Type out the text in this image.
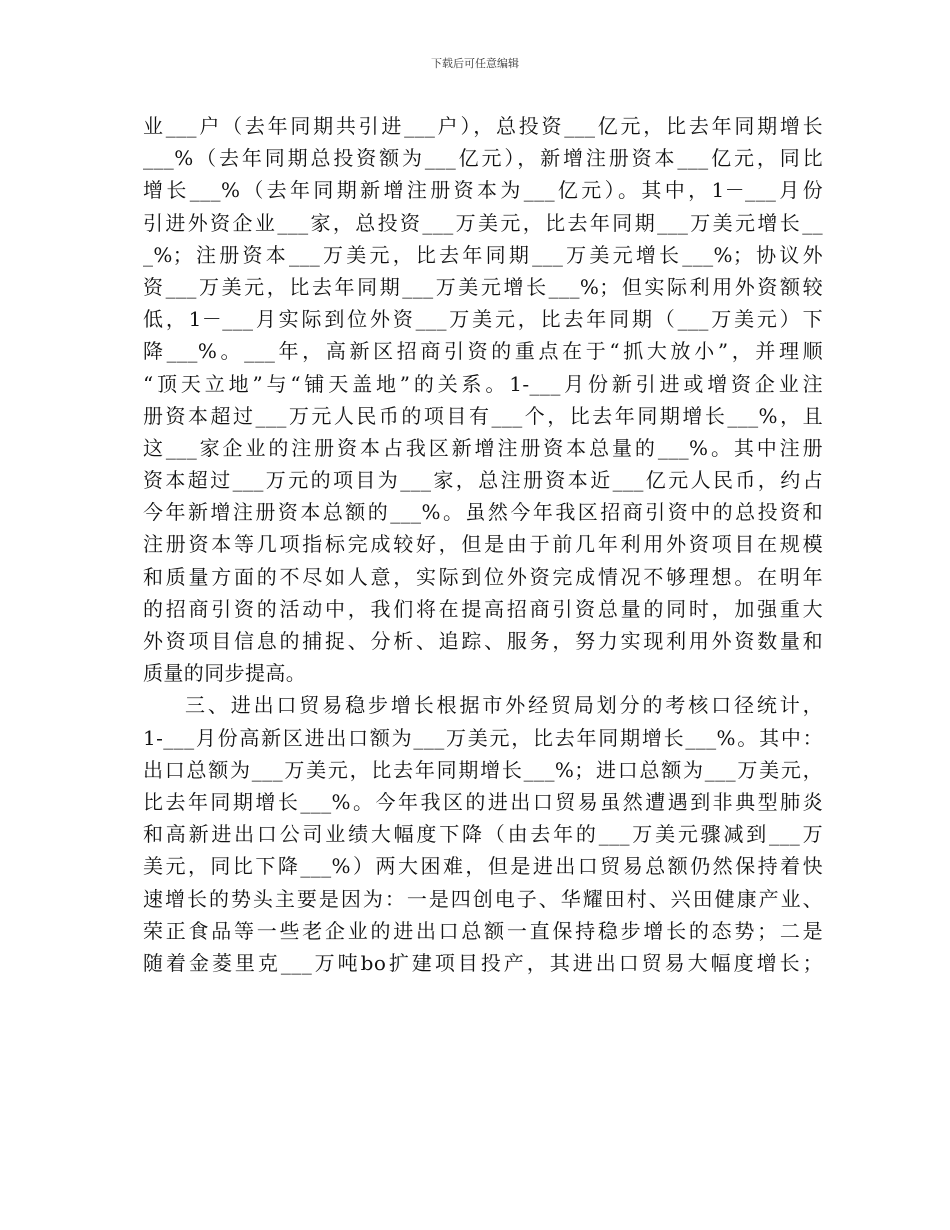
下载后可任意编辑
业___户（去年同期共引进___户），总投资___亿元，比去年同期增长
___%（去年同期总投资额为___亿元），新增注册资本___亿元，同比
增长___%（去年同期新增注册资本为___亿元）。其中，1－___月份
引进外资企业___家，总投资___万美元，比去年同期___万美元增长__
_%；注册资本___万美元，比去年同期___万美元增长___%；协议外
资___万美元，比去年同期___万美元增长___%；但实际利用外资额较
低，1－___月实际到位外资___万美元，比去年同期（___万美元）下
降___%。___年，高新区招商引资的重点在于“抓大放小”，并理顺
“顶天立地”与“铺天盖地”的关系。1-___月份新引进或增资企业注
册资本超过___万元人民币的项目有___个，比去年同期增长___%，且
这___家企业的注册资本占我区新增注册资本总量的___%。其中注册
资本超过___万元的项目为___家，总注册资本近___亿元人民币，约占
今年新增注册资本总额的___%。虽然今年我区招商引资中的总投资和
注册资本等几项指标完成较好，但是由于前几年利用外资项目在规模
和质量方面的不尽如人意，实际到位外资完成情况不够理想。在明年
的招商引资的活动中，我们将在提高招商引资总量的同时，加强重大
外资项目信息的捕捉、分析、追踪、服务，努力实现利用外资数量和
质量的同步提高。
三、进出口贸易稳步增长根据市外经贸局划分的考核口径统计，
1-___月份高新区进出口额为___万美元，比去年同期增长___%。其中：
出口总额为___万美元，比去年同期增长___%；进口总额为___万美元，
比去年同期增长___%。今年我区的进出口贸易虽然遭遇到非典型肺炎
和高新进出口公司业绩大幅度下降（由去年的___万美元骤减到___万
美元，同比下降___%）两大困难，但是进出口贸易总额仍然保持着快
速增长的势头主要是因为：一是四创电子、华耀田村、兴田健康产业、
荣正食品等一些老企业的进出口总额一直保持稳步增长的态势；二是
随着金菱里克___万吨bo扩建项目投产，其进出口贸易大幅度增长；
